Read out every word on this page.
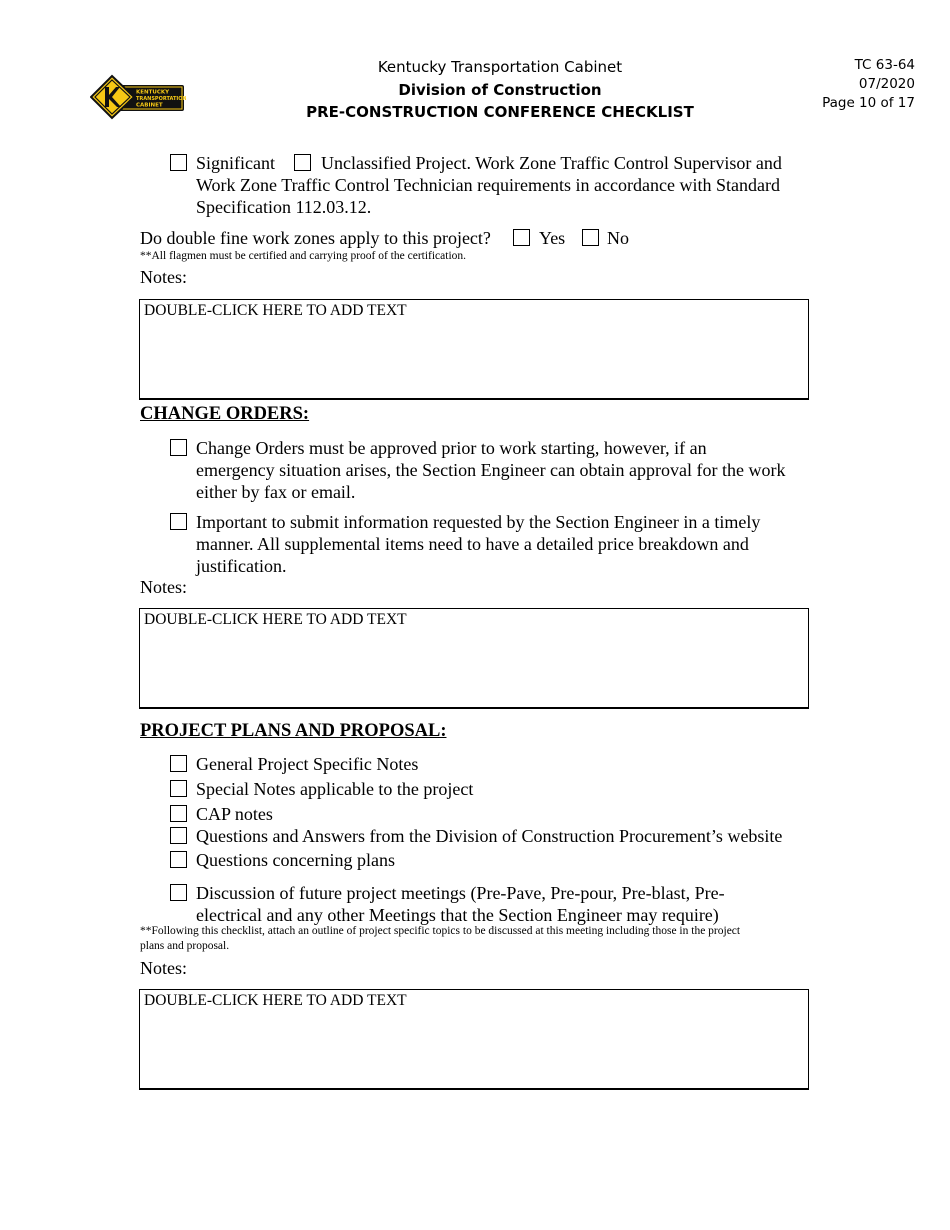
KENTUCKY
TRANSPORTATION
CABINET
Kentucky Transportation Cabinet
Division of Construction
PRE-CONSTRUCTION CONFERENCE CHECKLIST
TC 63-64
07/2020
Page 10 of 17
Significant	Unclassified Project. Work Zone Traffic Control Supervisor and
Work Zone Traffic Control Technician requirements in accordance with Standard
Specification 112.03.12.
Do double fine work zones apply to this project?	Yes No
**All flagmen must be certified and carrying proof of the certification.
Notes:
DOUBLE-CLICK HERE TO ADD TEXT
CHANGE ORDERS:
Change Orders must be approved prior to work starting, however, if an
emergency situation arises, the Section Engineer can obtain approval for the work
either by fax or email.
Important to submit information requested by the Section Engineer in a timely
manner. All supplemental items need to have a detailed price breakdown and
justification.
Notes:
DOUBLE-CLICK HERE TO ADD TEXT
PROJECT PLANS AND PROPOSAL:
General Project Specific Notes
Special Notes applicable to the project
CAP notes
Questions and Answers from the Division of Construction Procurement’s website
Questions concerning plans
Discussion of future project meetings (Pre-Pave, Pre-pour, Pre-blast, Pre-
electrical and any other Meetings that the Section Engineer may require)
**Following this checklist, attach an outline of project specific topics to be discussed at this meeting including those in the project
plans and proposal.
Notes:
DOUBLE-CLICK HERE TO ADD TEXT
